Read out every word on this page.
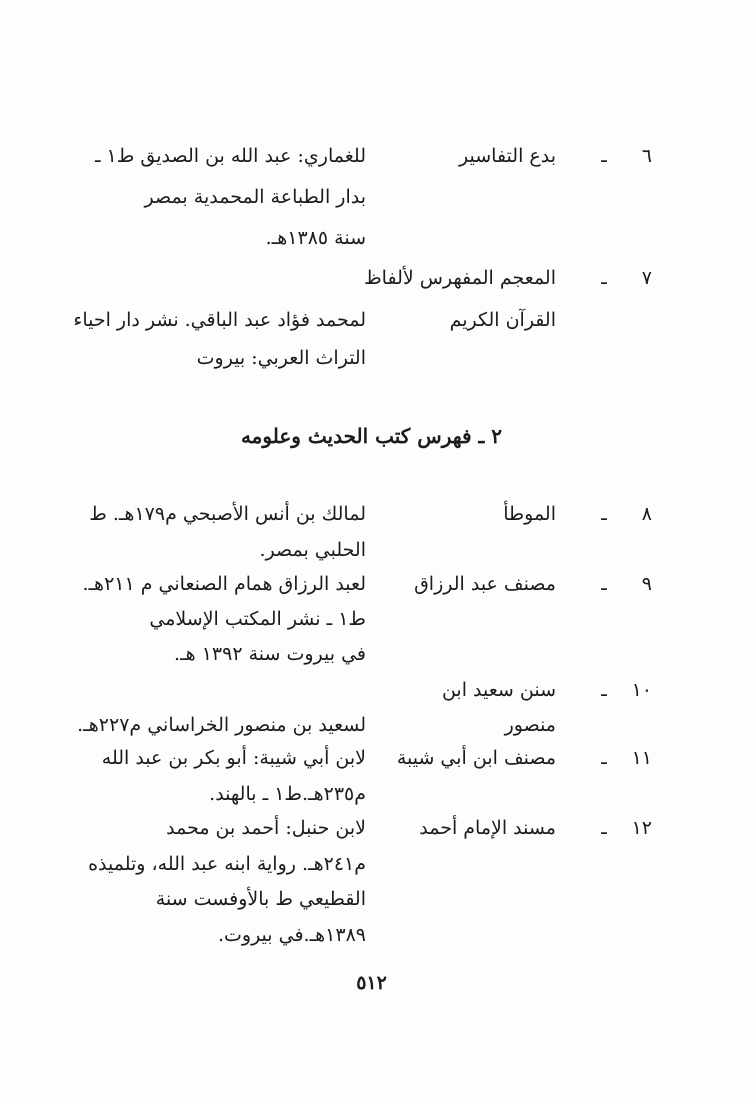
٦
ـ
بدع التفاسير
للغماري: عبد الله بن الصديق ط١ ـ
بدار الطباعة المحمدية بمصر
سنة ١٣٨٥هـ.
٧
ـ
المعجم المفهرس لألفاظ
القرآن الكريم
لمحمد فؤاد عبد الباقي. نشر دار احياء
التراث العربي: بيروت
٢ ـ فهرس كتب الحديث وعلومه
٨
ـ
الموطأ
لمالك بن أنس الأصبحي م١٧٩هـ. ط
الحلبي بمصر.
٩
ـ
مصنف عبد الرزاق
لعبد الرزاق همام الصنعاني م ٢١١هـ.
ط١ ـ نشر المكتب الإسلامي
في بيروت سنة ١٣٩٢ هـ.
١٠
ـ
سنن سعيد ابن
منصور
لسعيد بن منصور الخراساني م٢٢٧هـ.
١١
ـ
مصنف ابن أبي شيبة
لابن أبي شيبة: أبو بكر بن عبد الله
م٢٣٥هـ.ط١ ـ بالهند.
١٢
ـ
مسند الإمام أحمد
لابن حنبل: أحمد بن محمد
م٢٤١هـ. رواية ابنه عبد الله، وتلميذه
القطيعي ط بالأوفست سنة
١٣٨٩هـ.في بيروت.
٥١٢
